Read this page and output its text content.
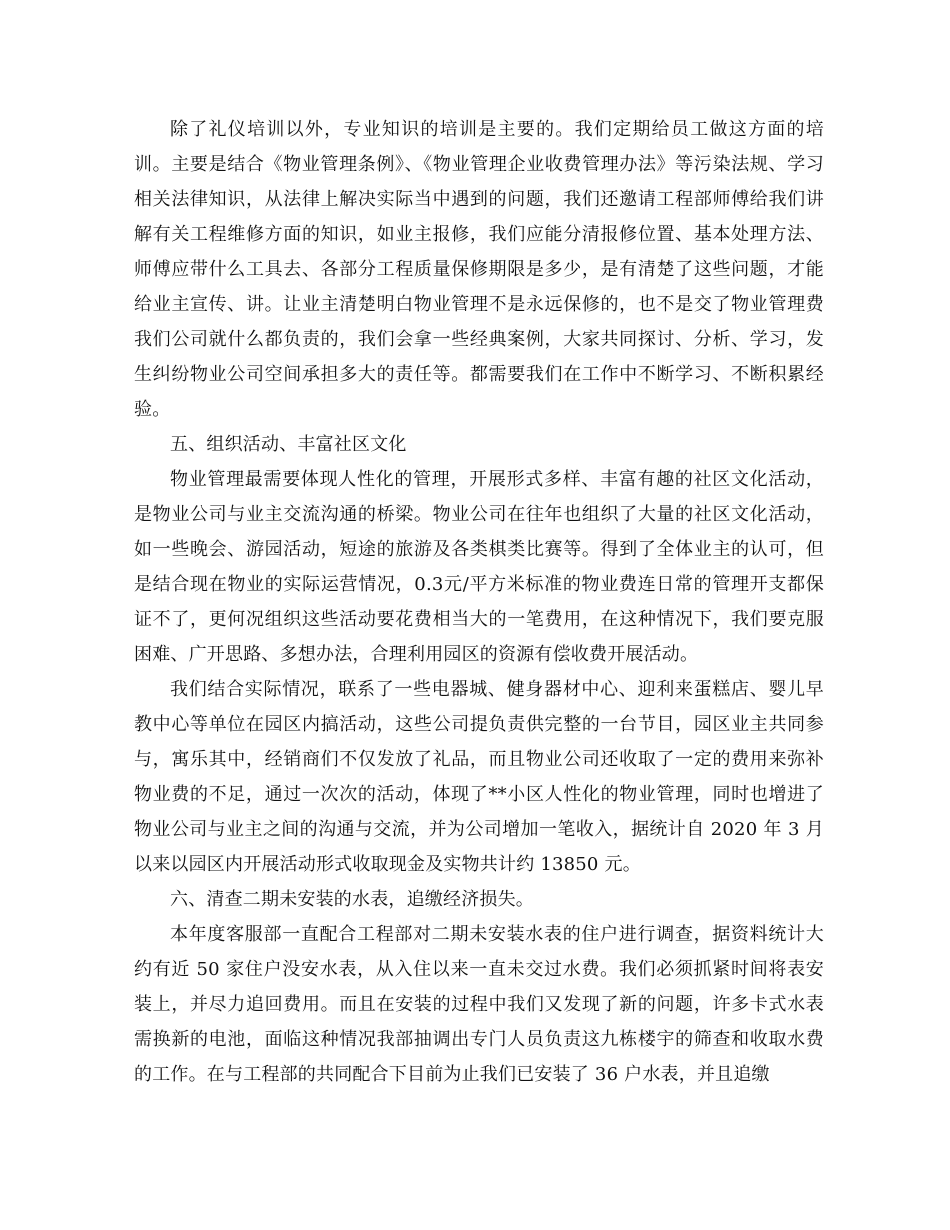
除了礼仪培训以外，专业知识的培训是主要的。我们定期给员工做这方面的培训。主要是结合《物业管理条例》、《物业管理企业收费管理办法》等污染法规、学习相关法律知识，从法律上解决实际当中遇到的问题，我们还邀请工程部师傅给我们讲解有关工程维修方面的知识，如业主报修，我们应能分清报修位置、基本处理方法、师傅应带什么工具去、各部分工程质量保修期限是多少，是有清楚了这些问题，才能给业主宣传、讲。让业主清楚明白物业管理不是永远保修的，也不是交了物业管理费我们公司就什么都负责的，我们会拿一些经典案例，大家共同探讨、分析、学习，发生纠纷物业公司空间承担多大的责任等。都需要我们在工作中不断学习、不断积累经验。

五、组织活动、丰富社区文化

物业管理最需要体现人性化的管理，开展形式多样、丰富有趣的社区文化活动，是物业公司与业主交流沟通的桥梁。物业公司在往年也组织了大量的社区文化活动，如一些晚会、游园活动，短途的旅游及各类棋类比赛等。得到了全体业主的认可，但是结合现在物业的实际运营情况，0.3元/平方米标准的物业费连日常的管理开支都保证不了，更何况组织这些活动要花费相当大的一笔费用，在这种情况下，我们要克服困难、广开思路、多想办法，合理利用园区的资源有偿收费开展活动。

我们结合实际情况，联系了一些电器城、健身器材中心、迎利来蛋糕店、婴儿早教中心等单位在园区内搞活动，这些公司提负责供完整的一台节目，园区业主共同参与，寓乐其中，经销商们不仅发放了礼品，而且物业公司还收取了一定的费用来弥补物业费的不足，通过一次次的活动，体现了**小区人性化的物业管理，同时也增进了物业公司与业主之间的沟通与交流，并为公司增加一笔收入，据统计自 2020 年 3 月以来以园区内开展活动形式收取现金及实物共计约 13850 元。

六、清查二期未安装的水表，追缴经济损失。

本年度客服部一直配合工程部对二期未安装水表的住户进行调查，据资料统计大约有近 50 家住户没安水表，从入住以来一直未交过水费。我们必须抓紧时间将表安装上，并尽力追回费用。而且在安装的过程中我们又发现了新的问题，许多卡式水表需换新的电池，面临这种情况我部抽调出专门人员负责这九栋楼宇的筛查和收取水费的工作。在与工程部的共同配合下目前为止我们已安装了 36 户水表，并且追缴
